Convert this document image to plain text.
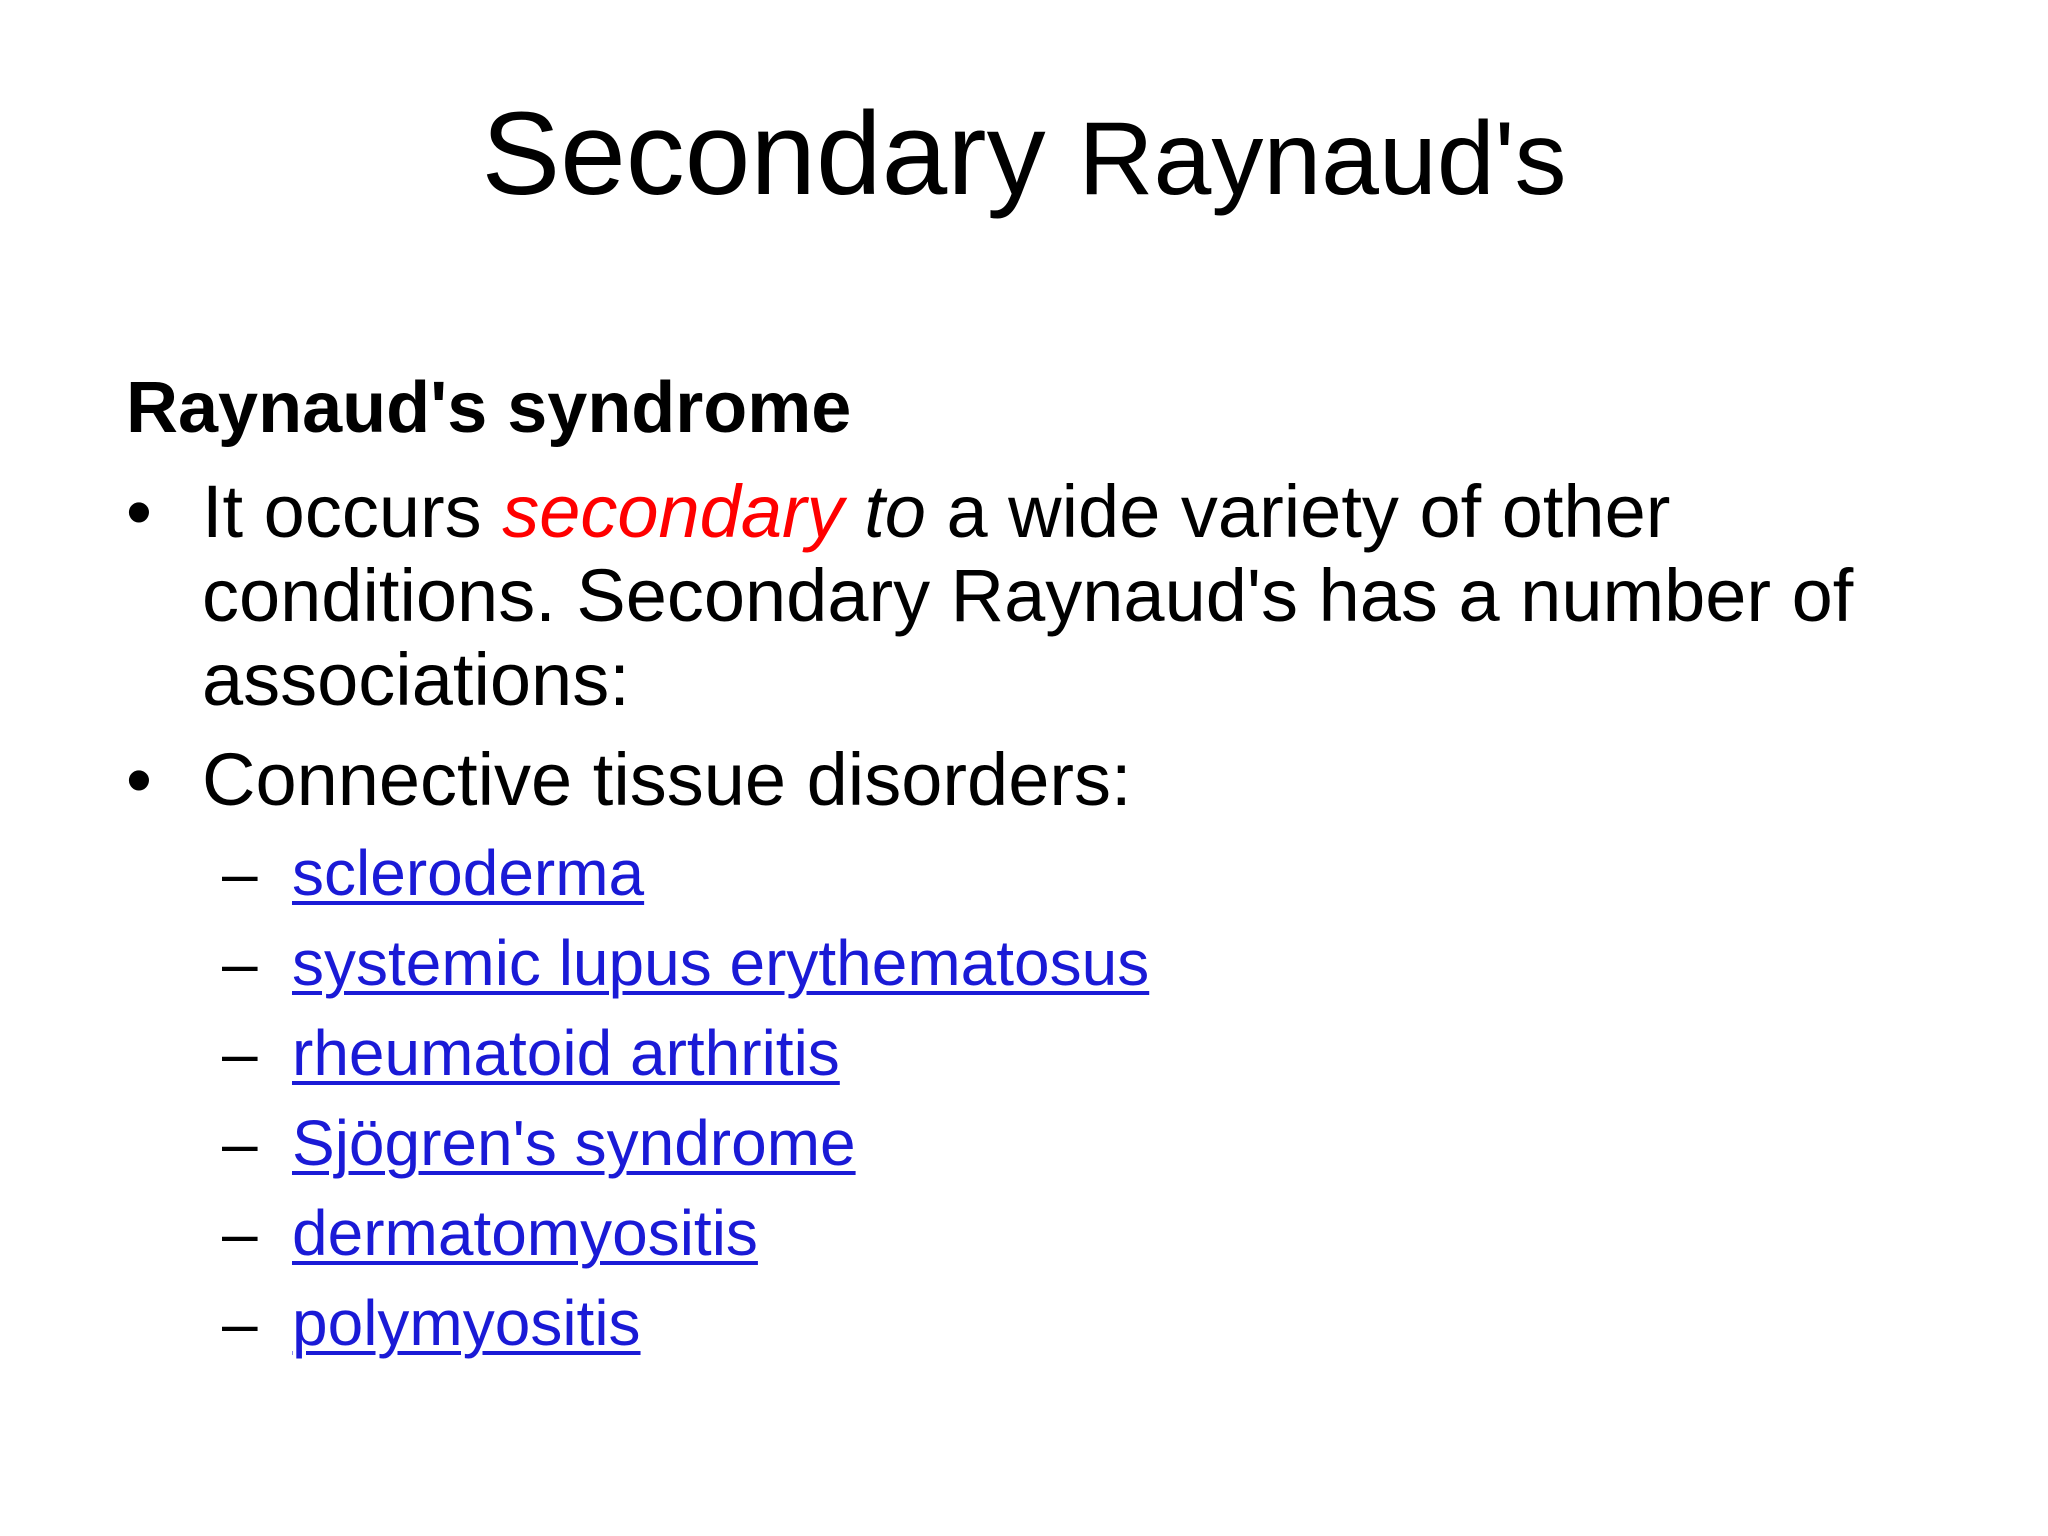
Secondary Raynaud's
Raynaud's syndrome
• It occurs secondary to a wide variety of other conditions. Secondary Raynaud's has a number of associations:
• Connective tissue disorders:
– scleroderma
– systemic lupus erythematosus
– rheumatoid arthritis
– Sjögren's syndrome
– dermatomyositis
– polymyositis
